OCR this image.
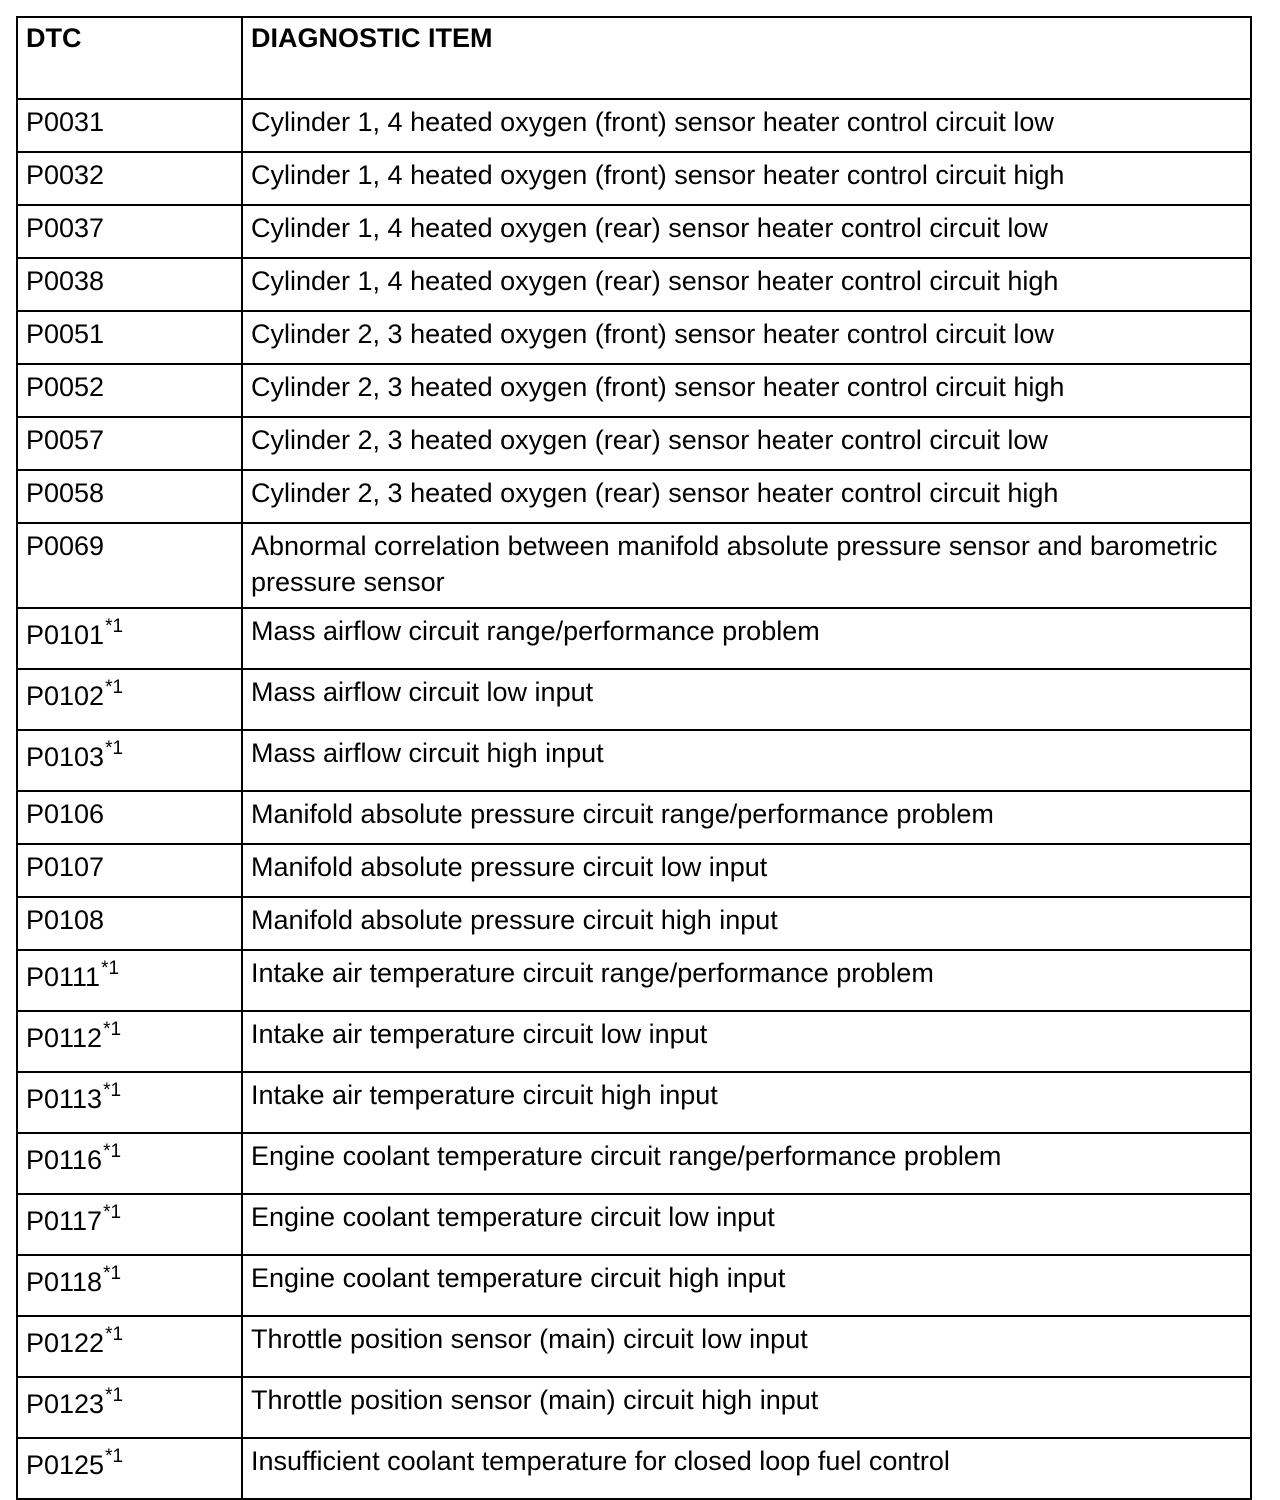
DTC	DIAGNOSTIC ITEM
P0031	Cylinder 1, 4 heated oxygen (front) sensor heater control circuit low
P0032	Cylinder 1, 4 heated oxygen (front) sensor heater control circuit high
P0037	Cylinder 1, 4 heated oxygen (rear) sensor heater control circuit low
P0038	Cylinder 1, 4 heated oxygen (rear) sensor heater control circuit high
P0051	Cylinder 2, 3 heated oxygen (front) sensor heater control circuit low
P0052	Cylinder 2, 3 heated oxygen (front) sensor heater control circuit high
P0057	Cylinder 2, 3 heated oxygen (rear) sensor heater control circuit low
P0058	Cylinder 2, 3 heated oxygen (rear) sensor heater control circuit high
P0069	Abnormal correlation between manifold absolute pressure sensor and barometric pressure sensor
P0101$^{*1}$	Mass airflow circuit range/performance problem
P0102$^{*1}$	Mass airflow circuit low input
P0103$^{*1}$	Mass airflow circuit high input
P0106	Manifold absolute pressure circuit range/performance problem
P0107	Manifold absolute pressure circuit low input
P0108	Manifold absolute pressure circuit high input
P0111$^{*1}$	Intake air temperature circuit range/performance problem
P0112$^{*1}$	Intake air temperature circuit low input
P0113$^{*1}$	Intake air temperature circuit high input
P0116$^{*1}$	Engine coolant temperature circuit range/performance problem
P0117$^{*1}$	Engine coolant temperature circuit low input
P0118$^{*1}$	Engine coolant temperature circuit high input
P0122$^{*1}$	Throttle position sensor (main) circuit low input
P0123$^{*1}$	Throttle position sensor (main) circuit high input
P0125$^{*1}$	Insufficient coolant temperature for closed loop fuel control
